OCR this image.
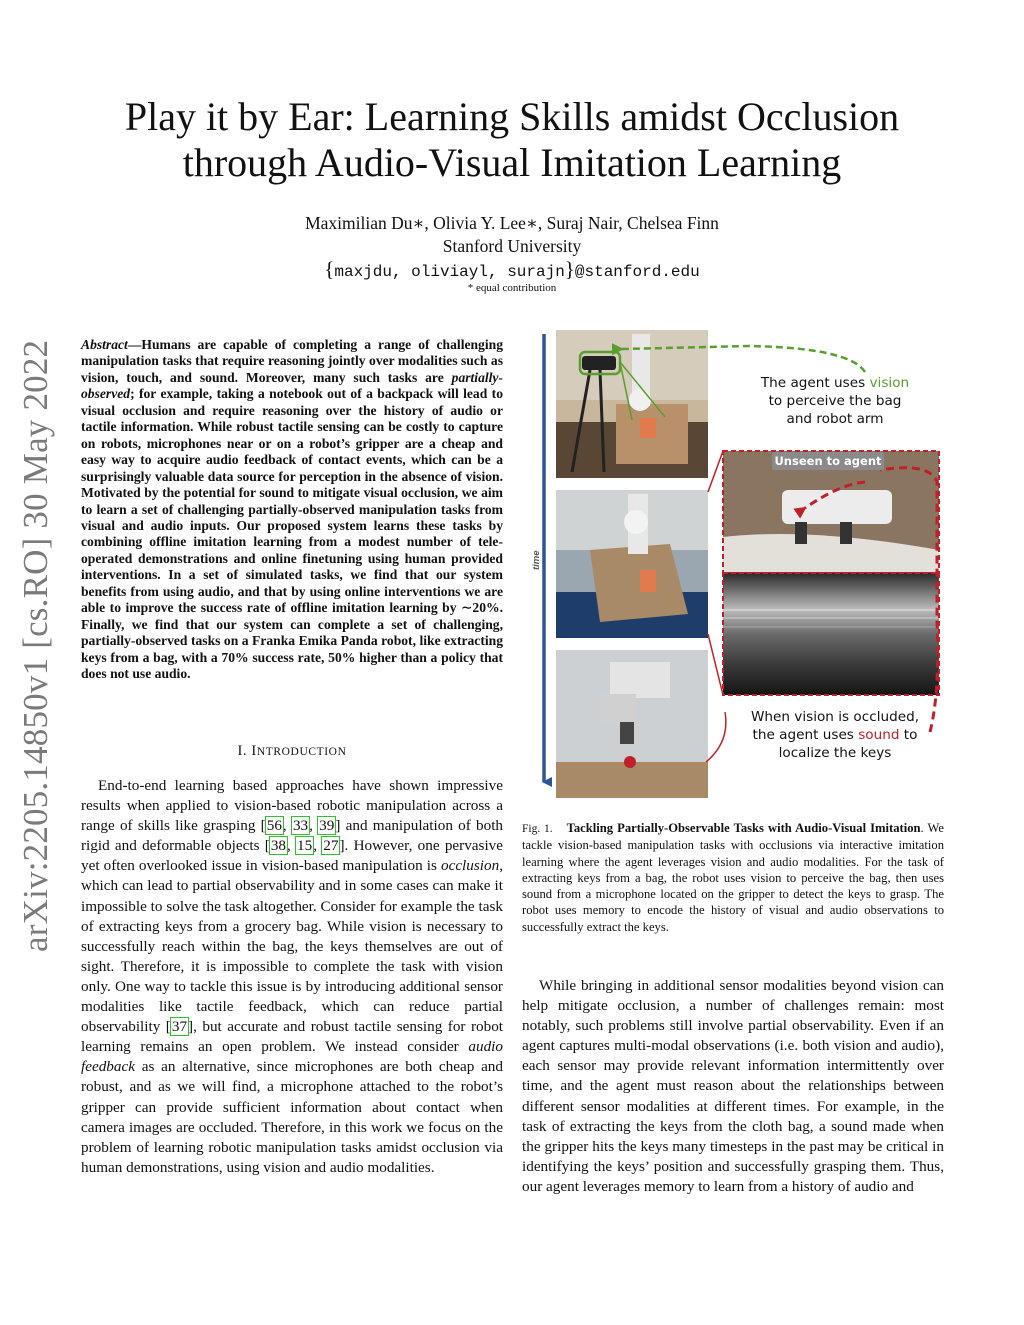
arXiv:2205.14850v1 [cs.RO] 30 May 2022
Play it by Ear: Learning Skills amidst Occlusion
through Audio-Visual Imitation Learning
Maximilian Du∗, Olivia Y. Lee∗, Suraj Nair, Chelsea Finn
Stanford University
{maxjdu, oliviayl, surajn}@stanford.edu
* equal contribution
Abstract—Humans are capable of completing a range of challenging manipulation tasks that require reasoning jointly over modalities such as vision, touch, and sound. Moreover, many such tasks are partially-observed; for example, taking a notebook out of a backpack will lead to visual occlusion and require reasoning over the history of audio or tactile information. While robust tactile sensing can be costly to capture on robots, microphones near or on a robot’s gripper are a cheap and easy way to acquire audio feedback of contact events, which can be a surprisingly valuable data source for perception in the absence of vision. Motivated by the potential for sound to mitigate visual occlusion, we aim to learn a set of challenging partially-observed manipulation tasks from visual and audio inputs. Our proposed system learns these tasks by combining offline imitation learning from a modest number of tele-operated demonstrations and online finetuning using human provided interventions. In a set of simulated tasks, we find that our system benefits from using audio, and that by using online interventions we are able to improve the success rate of offline imitation learning by ∼20%. Finally, we find that our system can complete a set of challenging, partially-observed tasks on a Franka Emika Panda robot, like extracting keys from a bag, with a 70% success rate, 50% higher than a policy that does not use audio.
I. INTRODUCTION
End-to-end learning based approaches have shown impressive results when applied to vision-based robotic manipulation across a range of skills like grasping [56, 33, 39] and manipulation of both rigid and deformable objects [38, 15, 27]. However, one pervasive yet often overlooked issue in vision-based manipulation is occlusion, which can lead to partial observability and in some cases can make it impossible to solve the task altogether. Consider for example the task of extracting keys from a grocery bag. While vision is necessary to successfully reach within the bag, the keys themselves are out of sight. Therefore, it is impossible to complete the task with vision only. One way to tackle this issue is by introducing additional sensor modalities like tactile feedback, which can reduce partial observability [37], but accurate and robust tactile sensing for robot learning remains an open problem. We instead consider audio feedback as an alternative, since microphones are both cheap and robust, and as we will find, a microphone attached to the robot’s gripper can provide sufficient information about contact when camera images are occluded. Therefore, in this work we focus on the problem of learning robotic manipulation tasks amidst occlusion via human demonstrations, using vision and audio modalities.
Unseen to agent
time
The agent uses vision
to perceive the bag
and robot arm
When vision is occluded,
the agent uses sound to
localize the keys
Fig. 1. Tackling Partially-Observable Tasks with Audio-Visual Imitation. We tackle vision-based manipulation tasks with occlusions via interactive imitation learning where the agent leverages vision and audio modalities. For the task of extracting keys from a bag, the robot uses vision to perceive the bag, then uses sound from a microphone located on the gripper to detect the keys to grasp. The robot uses memory to encode the history of visual and audio observations to successfully extract the keys.
While bringing in additional sensor modalities beyond vision can help mitigate occlusion, a number of challenges remain: most notably, such problems still involve partial observability. Even if an agent captures multi-modal observations (i.e. both vision and audio), each sensor may provide relevant information intermittently over time, and the agent must reason about the relationships between different sensor modalities at different times. For example, in the task of extracting the keys from the cloth bag, a sound made when the gripper hits the keys many timesteps in the past may be critical in identifying the keys’ position and successfully grasping them. Thus, our agent leverages memory to learn from a history of audio and
